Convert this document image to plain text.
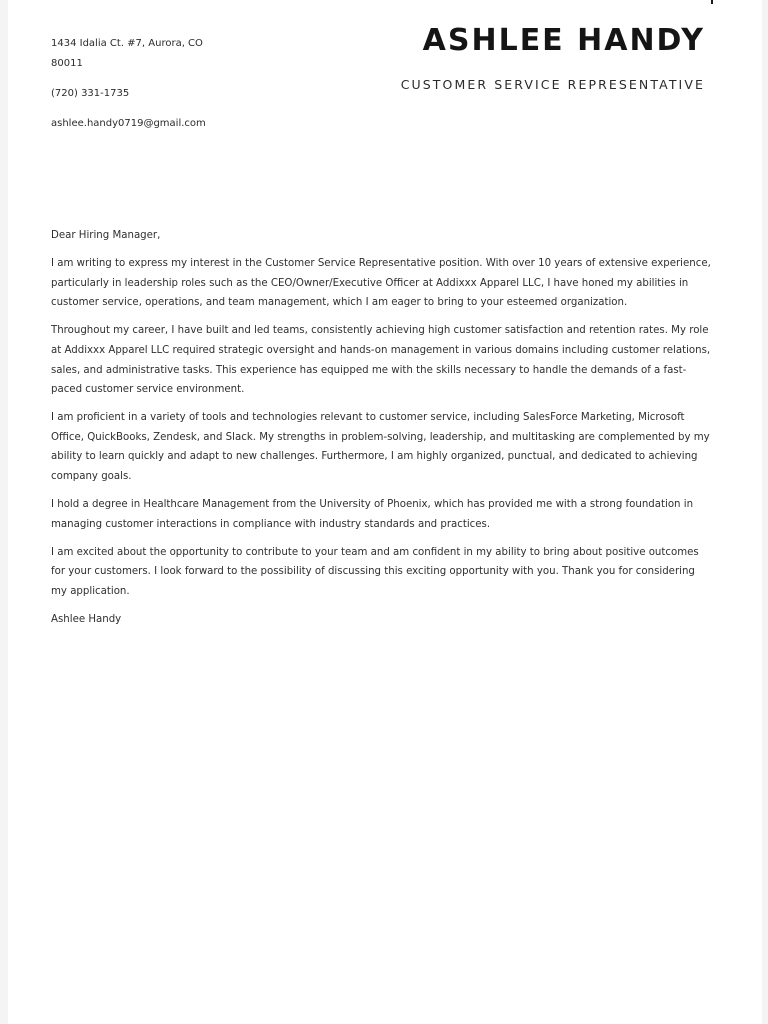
1434 Idalia Ct. #7, Aurora, CO 80011
(720) 331-1735
ashlee.handy0719@gmail.com
ASHLEE HANDY
CUSTOMER SERVICE REPRESENTATIVE

Dear Hiring Manager,

I am writing to express my interest in the Customer Service Representative position. With over 10 years of extensive experience, particularly in leadership roles such as the CEO/Owner/Executive Officer at Addixxx Apparel LLC, I have honed my abilities in customer service, operations, and team management, which I am eager to bring to your esteemed organization.

Throughout my career, I have built and led teams, consistently achieving high customer satisfaction and retention rates. My role at Addixxx Apparel LLC required strategic oversight and hands-on management in various domains including customer relations, sales, and administrative tasks. This experience has equipped me with the skills necessary to handle the demands of a fast-paced customer service environment.

I am proficient in a variety of tools and technologies relevant to customer service, including SalesForce Marketing, Microsoft Office, QuickBooks, Zendesk, and Slack. My strengths in problem-solving, leadership, and multitasking are complemented by my ability to learn quickly and adapt to new challenges. Furthermore, I am highly organized, punctual, and dedicated to achieving company goals.

I hold a degree in Healthcare Management from the University of Phoenix, which has provided me with a strong foundation in managing customer interactions in compliance with industry standards and practices.

I am excited about the opportunity to contribute to your team and am confident in my ability to bring about positive outcomes for your customers. I look forward to the possibility of discussing this exciting opportunity with you. Thank you for considering my application.

Ashlee Handy
